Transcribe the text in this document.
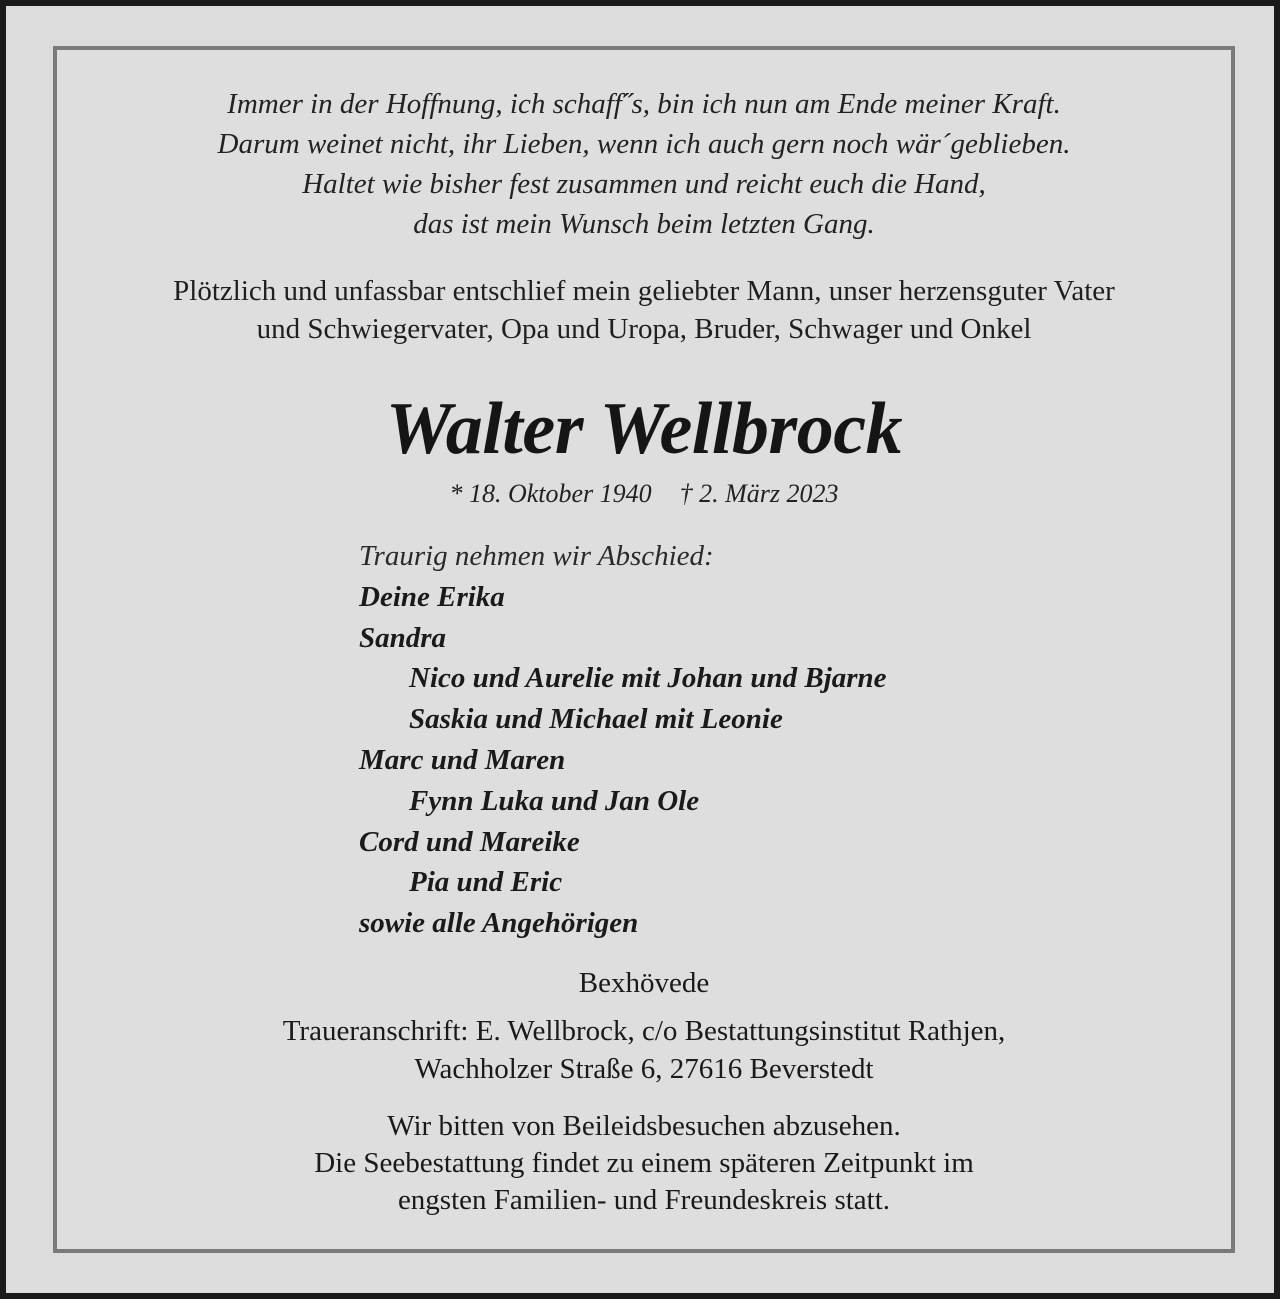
Immer in der Hoffnung, ich schaff˝s, bin ich nun am Ende meiner Kraft.
Darum weinet nicht, ihr Lieben, wenn ich auch gern noch wär´geblieben.
Haltet wie bisher fest zusammen und reicht euch die Hand,
das ist mein Wunsch beim letzten Gang.
Plötzlich und unfassbar entschlief mein geliebter Mann, unser herzensguter Vater
und Schwiegervater, Opa und Uropa, Bruder, Schwager und Onkel
Walter Wellbrock
* 18. Oktober 1940 † 2. März 2023
Traurig nehmen wir Abschied:
Deine Erika
Sandra
Nico und Aurelie mit Johan und Bjarne
Saskia und Michael mit Leonie
Marc und Maren
Fynn Luka und Jan Ole
Cord und Mareike
Pia und Eric
sowie alle Angehörigen
Bexhövede
Traueranschrift: E. Wellbrock, c/o Bestattungsinstitut Rathjen,
Wachholzer Straße 6, 27616 Beverstedt
Wir bitten von Beileidsbesuchen abzusehen.
Die Seebestattung findet zu einem späteren Zeitpunkt im
engsten Familien- und Freundeskreis statt.
